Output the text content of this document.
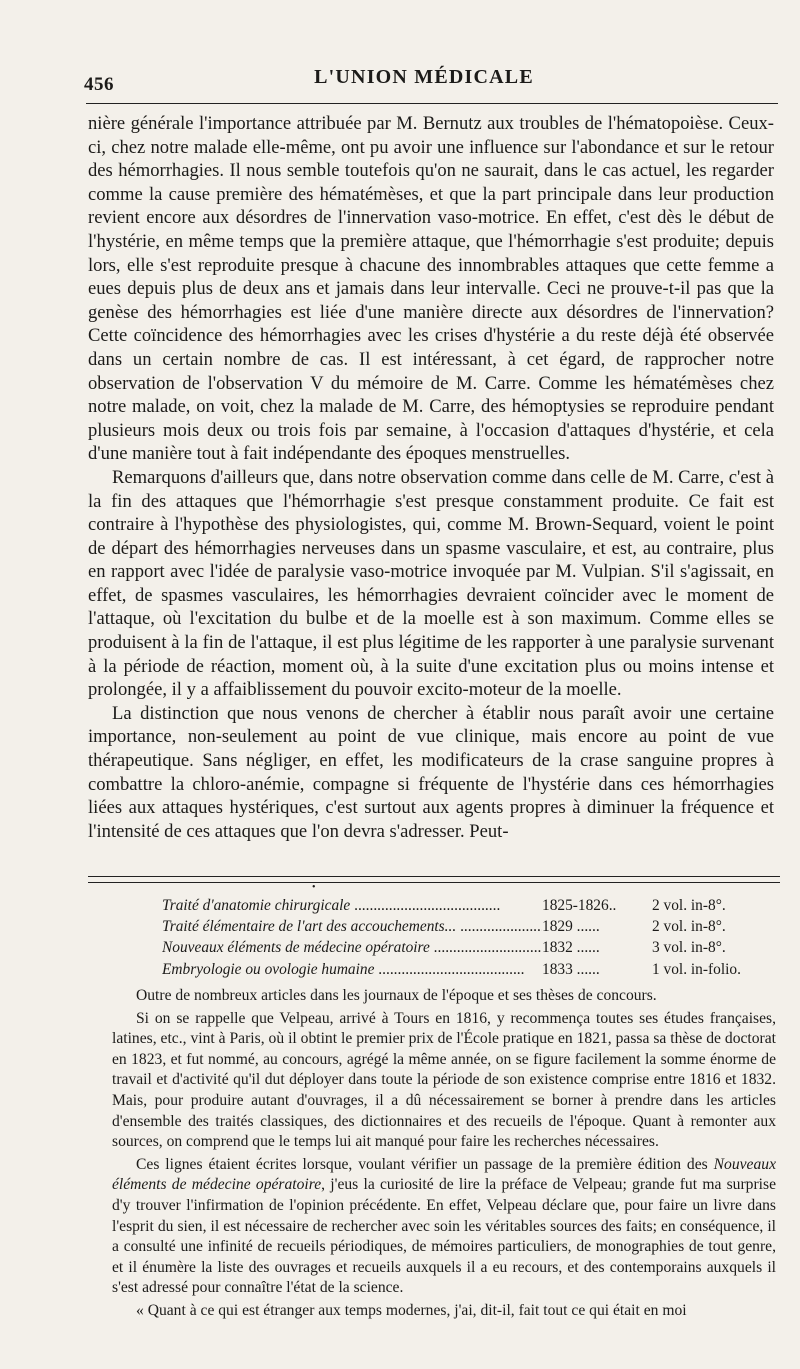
456	L'UNION MÉDICALE

nière générale l'importance attribuée par M. Bernutz aux troubles de l'hématopoièse. Ceux-ci, chez notre malade elle-même, ont pu avoir une influence sur l'abondance et sur le retour des hémorrhagies. Il nous semble toutefois qu'on ne saurait, dans le cas actuel, les regarder comme la cause première des hématémèses, et que la part principale dans leur production revient encore aux désordres de l'innervation vaso-motrice. En effet, c'est dès le début de l'hystérie, en même temps que la première attaque, que l'hémorrhagie s'est produite; depuis lors, elle s'est reproduite presque à chacune des innombrables attaques que cette femme a eues depuis plus de deux ans et jamais dans leur intervalle. Ceci ne prouve-t-il pas que la genèse des hémorrhagies est liée d'une manière directe aux désordres de l'innervation? Cette coïncidence des hémorrhagies avec les crises d'hystérie a du reste déjà été observée dans un certain nombre de cas. Il est intéressant, à cet égard, de rapprocher notre observation de l'observation V du mémoire de M. Carre. Comme les hématémèses chez notre malade, on voit, chez la malade de M. Carre, des hémoptysies se reproduire pendant plusieurs mois deux ou trois fois par semaine, à l'occasion d'attaques d'hystérie, et cela d'une manière tout à fait indépendante des époques menstruelles.

Remarquons d'ailleurs que, dans notre observation comme dans celle de M. Carre, c'est à la fin des attaques que l'hémorrhagie s'est presque constamment produite. Ce fait est contraire à l'hypothèse des physiologistes, qui, comme M. Brown-Sequard, voient le point de départ des hémorrhagies nerveuses dans un spasme vasculaire, et est, au contraire, plus en rapport avec l'idée de paralysie vaso-motrice invoquée par M. Vulpian. S'il s'agissait, en effet, de spasmes vasculaires, les hémorrhagies devraient coïncider avec le moment de l'attaque, où l'excitation du bulbe et de la moelle est à son maximum. Comme elles se produisent à la fin de l'attaque, il est plus légitime de les rapporter à une paralysie survenant à la période de réaction, moment où, à la suite d'une excitation plus ou moins intense et prolongée, il y a affaiblissement du pouvoir excito-moteur de la moelle.

La distinction que nous venons de chercher à établir nous paraît avoir une certaine importance, non-seulement au point de vue clinique, mais encore au point de vue thérapeutique. Sans négliger, en effet, les modificateurs de la crase sanguine propres à combattre la chloro-anémie, compagne si fréquente de l'hystérie dans ces hémorrhagies liées aux attaques hystériques, c'est surtout aux agents propres à diminuer la fréquence et l'intensité de ces attaques que l'on devra s'adresser. Peut-

•
Traité d'anatomie chirurgicale .....	1825-1826..	2 vol. in-8°.
Traité élémentaire de l'art des accouchements... .....	1829 ......	2 vol. in-8°.
Nouveaux éléments de médecine opératoire .....	1832 ......	3 vol. in-8°.
Embryologie ou ovologie humaine .....	1833 ......	1 vol. in-folio.

Outre de nombreux articles dans les journaux de l'époque et ses thèses de concours.

Si on se rappelle que Velpeau, arrivé à Tours en 1816, y recommença toutes ses études françaises, latines, etc., vint à Paris, où il obtint le premier prix de l'École pratique en 1821, passa sa thèse de doctorat en 1823, et fut nommé, au concours, agrégé la même année, on se figure facilement la somme énorme de travail et d'activité qu'il dut déployer dans toute la période de son existence comprise entre 1816 et 1832. Mais, pour produire autant d'ouvrages, il a dû nécessairement se borner à prendre dans les articles d'ensemble des traités classiques, des dictionnaires et des recueils de l'époque. Quant à remonter aux sources, on comprend que le temps lui ait manqué pour faire les recherches nécessaires.

Ces lignes étaient écrites lorsque, voulant vérifier un passage de la première édition des Nouveaux éléments de médecine opératoire, j'eus la curiosité de lire la préface de Velpeau; grande fut ma surprise d'y trouver l'infirmation de l'opinion précédente. En effet, Velpeau déclare que, pour faire un livre dans l'esprit du sien, il est nécessaire de rechercher avec soin les véritables sources des faits; en conséquence, il a consulté une infinité de recueils périodiques, de mémoires particuliers, de monographies de tout genre, et il énumère la liste des ouvrages et recueils auxquels il a eu recours, et des contemporains auxquels il s'est adressé pour connaître l'état de la science.

« Quant à ce qui est étranger aux temps modernes, j'ai, dit-il, fait tout ce qui était en moi
